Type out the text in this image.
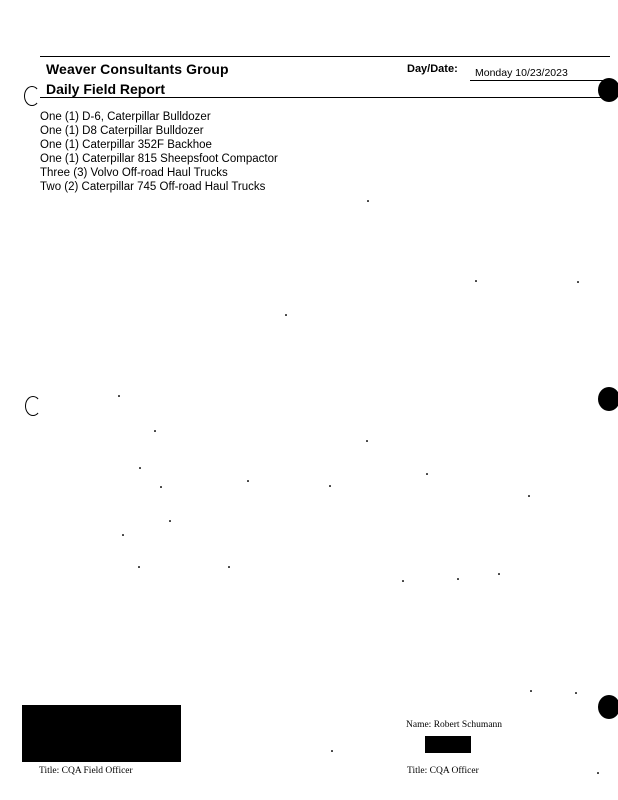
Weaver Consultants Group
Daily Field Report
Day/Date: Monday 10/23/2023
One (1) D-6, Caterpillar Bulldozer
One (1) D8 Caterpillar Bulldozer
One (1) Caterpillar 352F Backhoe
One (1) Caterpillar 815 Sheepsfoot Compactor
Three (3) Volvo Off-road Haul Trucks
Two (2) Caterpillar 745 Off-road Haul Trucks
Title: CQA Field Officer
Name: Robert Schumann
Title: CQA Officer
